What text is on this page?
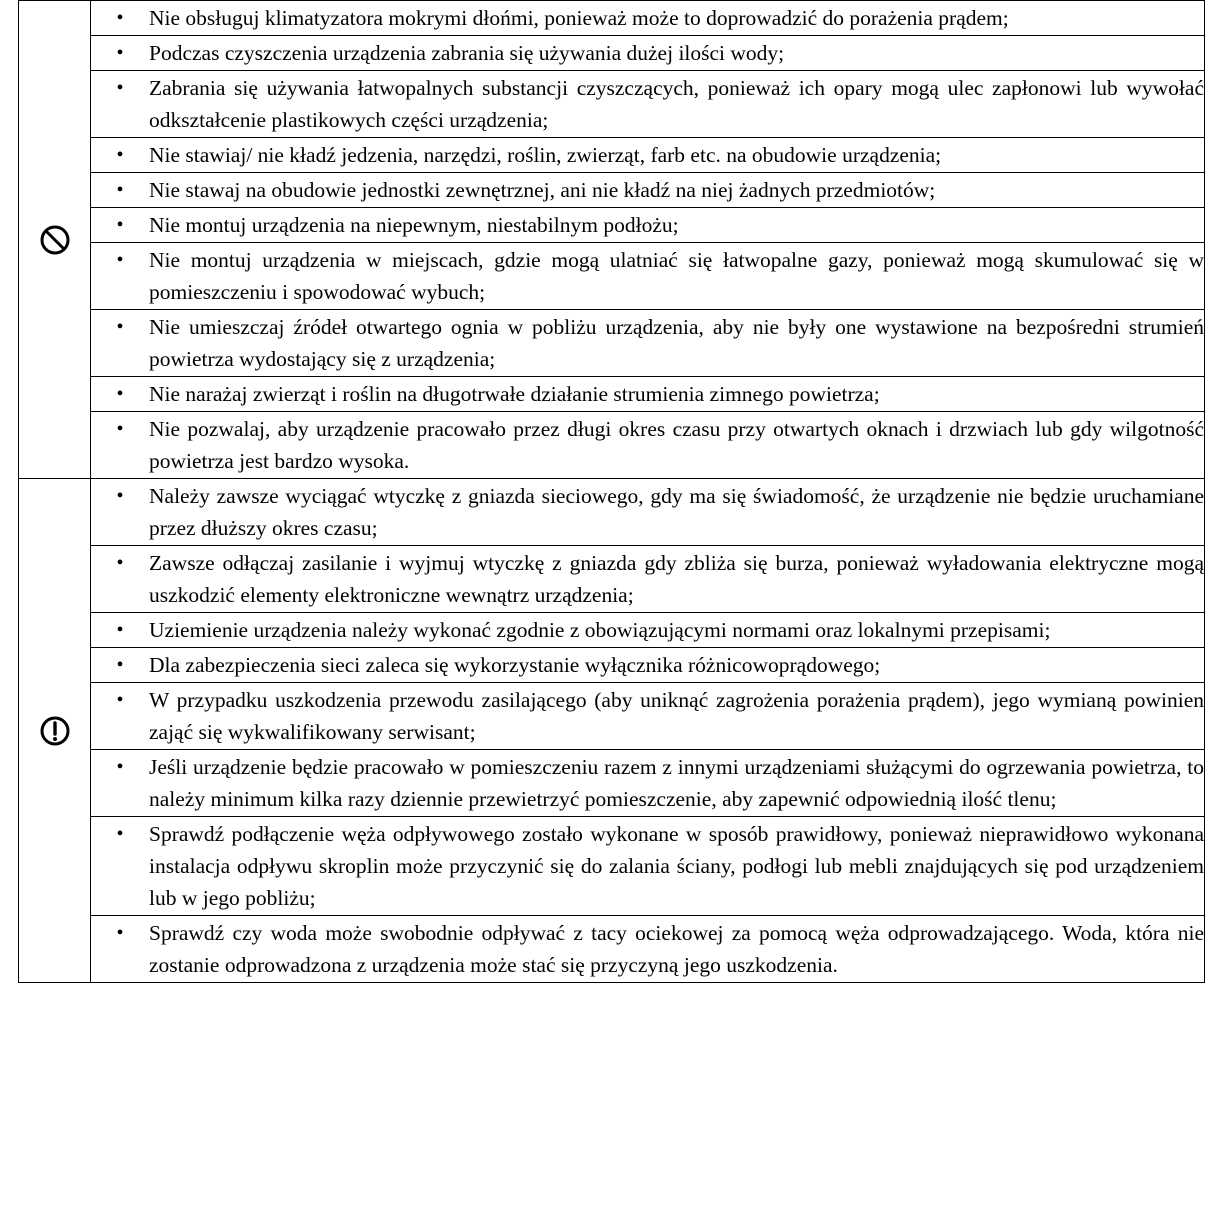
• Nie obsługuj klimatyzatora mokrymi dłońmi, ponieważ może to doprowadzić do porażenia prądem;

	• Podczas czyszczenia urządzenia zabrania się używania dużej ilości wody;

	• Zabrania się używania łatwopalnych substancji czyszczących, ponieważ ich opary mogą ulec zapłonowi lub wywołać odkształcenie plastikowych części urządzenia;

	• Nie stawiaj/ nie kładź jedzenia, narzędzi, roślin, zwierząt, farb etc. na obudowie urządzenia;

	• Nie stawaj na obudowie jednostki zewnętrznej, ani nie kładź na niej żadnych przedmiotów;

	• Nie montuj urządzenia na niepewnym, niestabilnym podłożu;

	• Nie montuj urządzenia w miejscach, gdzie mogą ulatniać się łatwopalne gazy, ponieważ mogą skumulować się w pomieszczeniu i spowodować wybuch;

	• Nie umieszczaj źródeł otwartego ognia w pobliżu urządzenia, aby nie były one wystawione na bezpośredni strumień powietrza wydostający się z urządzenia;

	• Nie narażaj zwierząt i roślin na długotrwałe działanie strumienia zimnego powietrza;

	• Nie pozwalaj, aby urządzenie pracowało przez długi okres czasu przy otwartych oknach i drzwiach lub gdy wilgotność powietrza jest bardzo wysoka.

• Należy zawsze wyciągać wtyczkę z gniazda sieciowego, gdy ma się świadomość, że urządzenie nie będzie uruchamiane przez dłuższy okres czasu;

	• Zawsze odłączaj zasilanie i wyjmuj wtyczkę z gniazda gdy zbliża się burza, ponieważ wyładowania elektryczne mogą uszkodzić elementy elektroniczne wewnątrz urządzenia;

	• Uziemienie urządzenia należy wykonać zgodnie z obowiązującymi normami oraz lokalnymi przepisami;

	• Dla zabezpieczenia sieci zaleca się wykorzystanie wyłącznika różnicowoprądowego;

	• W przypadku uszkodzenia przewodu zasilającego (aby uniknąć zagrożenia porażenia prądem), jego wymianą powinien zająć się wykwalifikowany serwisant;

	• Jeśli urządzenie będzie pracowało w pomieszczeniu razem z innymi urządzeniami służącymi do ogrzewania powietrza, to należy minimum kilka razy dziennie przewietrzyć pomieszczenie, aby zapewnić odpowiednią ilość tlenu;

	• Sprawdź podłączenie węża odpływowego zostało wykonane w sposób prawidłowy, ponieważ nieprawidłowo wykonana instalacja odpływu skroplin może przyczynić się do zalania ściany, podłogi lub mebli znajdujących się pod urządzeniem lub w jego pobliżu;

	• Sprawdź czy woda może swobodnie odpływać z tacy ociekowej za pomocą węża odprowadzającego. Woda, która nie zostanie odprowadzona z urządzenia może stać się przyczyną jego uszkodzenia.
